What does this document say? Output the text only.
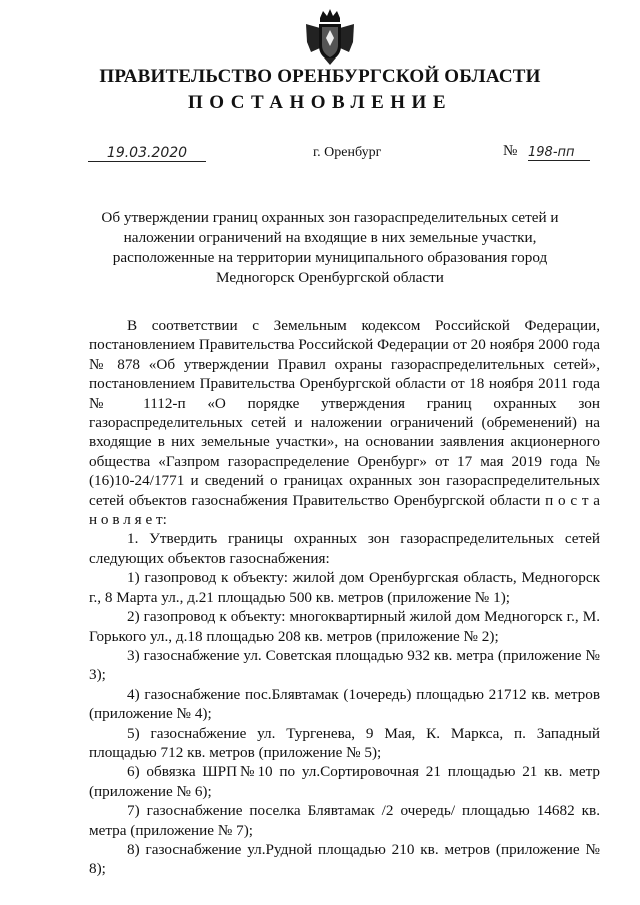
ПРАВИТЕЛЬСТВО ОРЕНБУРГСКОЙ ОБЛАСТИ
ПОСТАНОВЛЕНИЕ
19.03.2020	г. Оренбург	№ 198-пп
Об утверждении границ охранных зон газораспределительных сетей и наложении ограничений на входящие в них земельные участки, расположенные на территории муниципального образования город Медногорск Оренбургской области

В соответствии с Земельным кодексом Российской Федерации, постановлением Правительства Российской Федерации от 20 ноября 2000 года № 878 «Об утверждении Правил охраны газораспределительных сетей», постановлением Правительства Оренбургской области от 18 ноября 2011 года № 1112-п «О порядке утверждения границ охранных зон газораспределительных сетей и наложении ограничений (обременений) на входящие в них земельные участки», на основании заявления акционерного общества «Газпром газораспределение Оренбург» от 17 мая 2019 года № (16)10-24/1771 и сведений о границах охранных зон газораспределительных сетей объектов газоснабжения Правительство Оренбургской области п о с т а н о в л я е т:

1. Утвердить границы охранных зон газораспределительных сетей следующих объектов газоснабжения:

1) газопровод к объекту: жилой дом Оренбургская область, Медногорск г., 8 Марта ул., д.21 площадью 500 кв. метров (приложение № 1);

2) газопровод к объекту: многоквартирный жилой дом Медногорск г., М. Горького ул., д.18 площадью 208 кв. метров (приложение № 2);

3) газоснабжение ул. Советская площадью 932 кв. метра (приложение № 3);

4) газоснабжение пос.Блявтамак (1очередь) площадью 21712 кв. метров (приложение № 4);

5) газоснабжение ул. Тургенева, 9 Мая, К. Маркса, п. Западный площадью 712 кв. метров (приложение № 5);

6) обвязка ШРП№10 по ул.Сортировочная 21 площадью 21 кв. метр (приложение № 6);

7) газоснабжение поселка Блявтамак /2 очередь/ площадью 14682 кв. метра (приложение № 7);

8) газоснабжение ул.Рудной площадью 210 кв. метров (приложение № 8);
